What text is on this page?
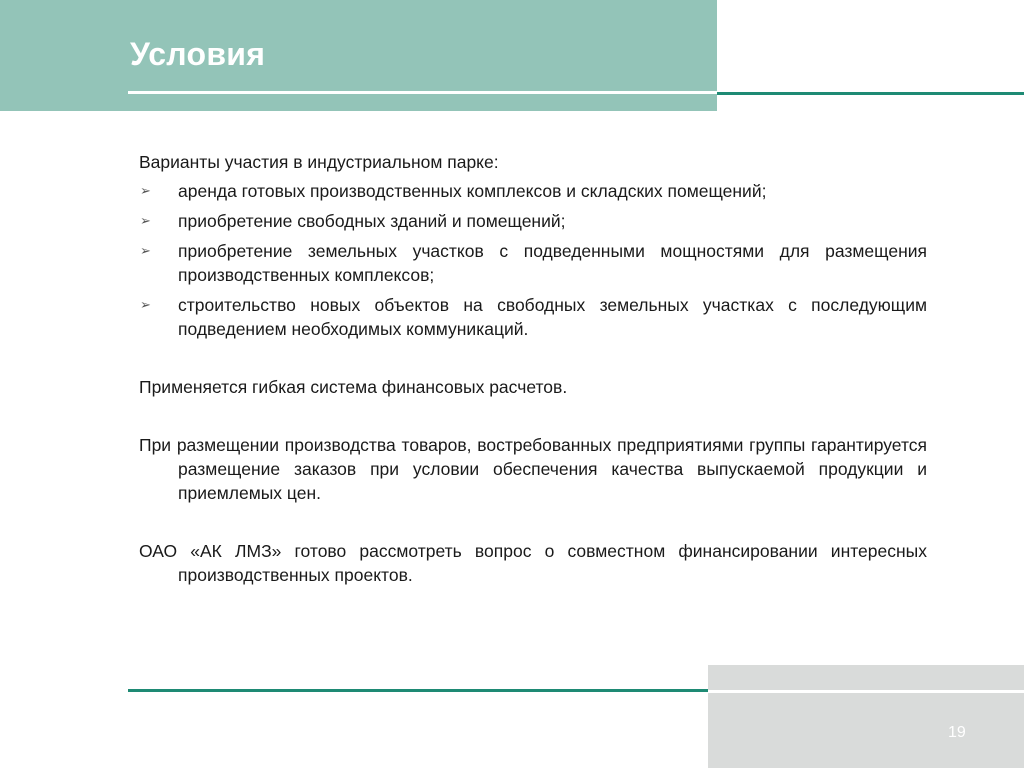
Условия

Варианты участия в индустриальном парке:

➢ аренда готовых производственных комплексов и складских помещений;
➢ приобретение свободных зданий и помещений;
➢ приобретение земельных участков с подведенными мощностями для размещения производственных комплексов;
➢ строительство новых объектов на свободных земельных участках с последующим подведением необходимых коммуникаций.

Применяется гибкая система финансовых расчетов.

При размещении производства товаров, востребованных предприятиями группы гарантируется размещение заказов при условии обеспечения качества выпускаемой продукции и приемлемых цен.

ОАО «АК ЛМЗ» готово рассмотреть вопрос о совместном финансировании интересных производственных проектов.

19
